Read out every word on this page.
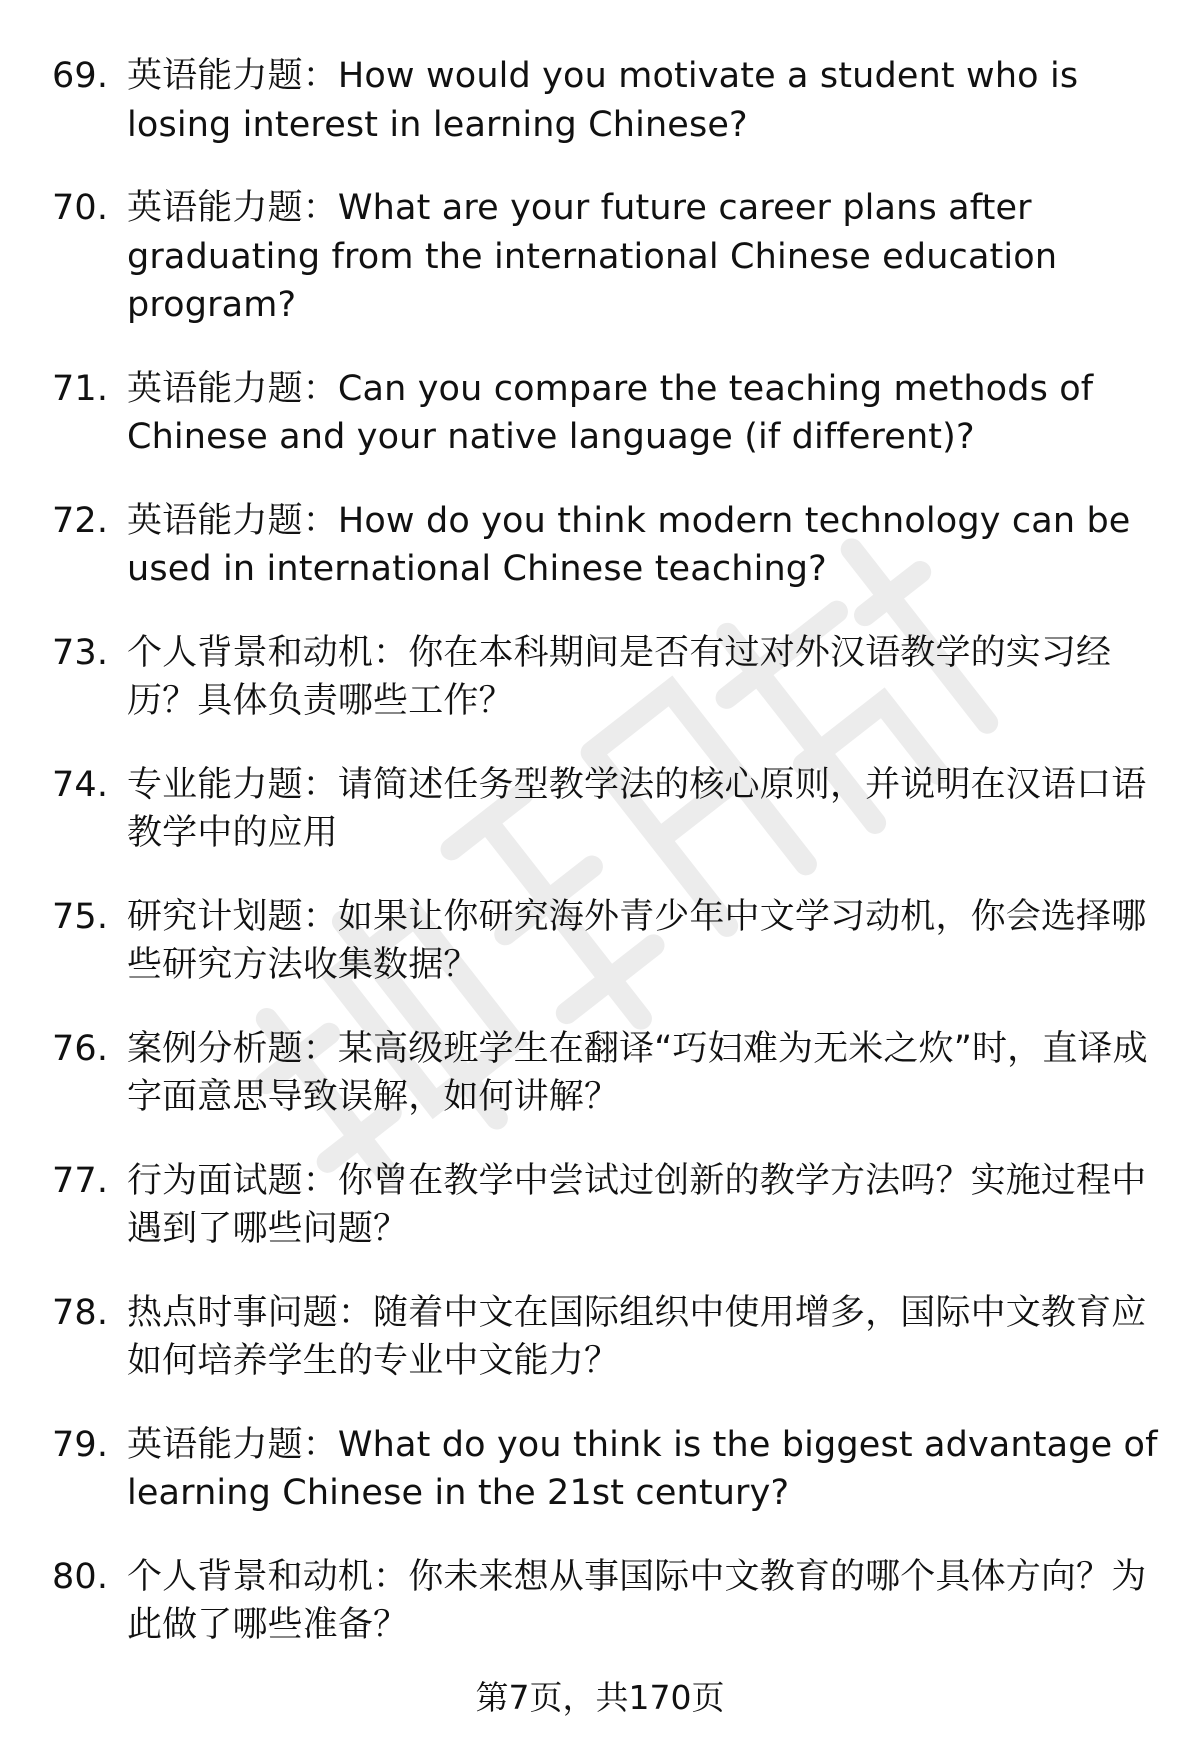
69. 英语能力题：How would you motivate a student who is losing interest in learning Chinese?
70. 英语能力题：What are your future career plans after graduating from the international Chinese education program?
71. 英语能力题：Can you compare the teaching methods of Chinese and your native language (if different)?
72. 英语能力题：How do you think modern technology can be used in international Chinese teaching?
73. 个人背景和动机：你在本科期间是否有过对外汉语教学的实习经历？具体负责哪些工作？
74. 专业能力题：请简述任务型教学法的核心原则，并说明在汉语口语教学中的应用
75. 研究计划题：如果让你研究海外青少年中文学习动机，你会选择哪些研究方法收集数据？
76. 案例分析题：某高级班学生在翻译“巧妇难为无米之炊”时，直译成字面意思导致误解，如何讲解？
77. 行为面试题：你曾在教学中尝试过创新的教学方法吗？实施过程中遇到了哪些问题？
78. 热点时事问题：随着中文在国际组织中使用增多，国际中文教育应如何培养学生的专业中文能力？
79. 英语能力题：What do you think is the biggest advantage of learning Chinese in the 21st century?
80. 个人背景和动机：你未来想从事国际中文教育的哪个具体方向？为此做了哪些准备？
第7页，共170页
